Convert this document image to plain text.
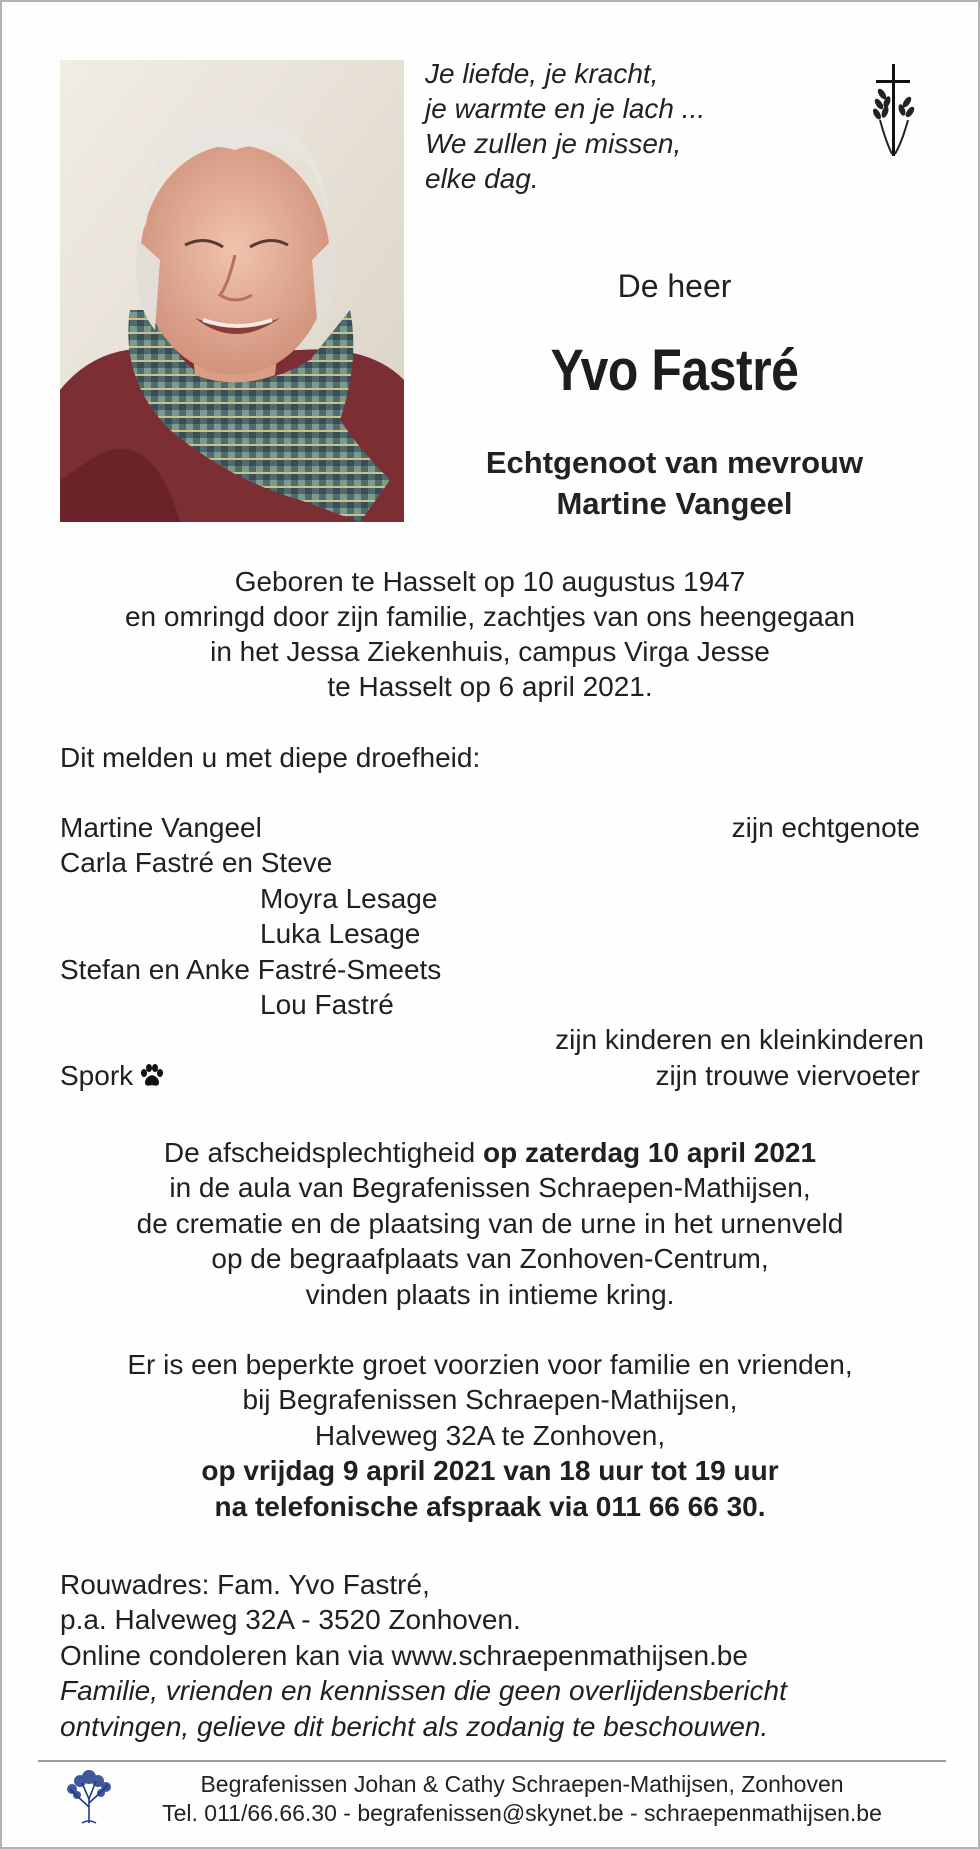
Je liefde, je kracht,
je warmte en je lach ...
We zullen je missen,
elke dag.
De heer
Yvo Fastré
Echtgenoot van mevrouw
Martine Vangeel
Geboren te Hasselt op 10 augustus 1947
en omringd door zijn familie, zachtjes van ons heengegaan
in het Jessa Ziekenhuis, campus Virga Jesse
te Hasselt op 6 april 2021.
Dit melden u met diepe droefheid:
Martine Vangeel	zijn echtgenote
Carla Fastré en Steve
Moyra Lesage
Luka Lesage
Stefan en Anke Fastré-Smeets
Lou Fastré
zijn kinderen en kleinkinderen
Spork	zijn trouwe viervoeter
De afscheidsplechtigheid op zaterdag 10 april 2021
in de aula van Begrafenissen Schraepen-Mathijsen,
de crematie en de plaatsing van de urne in het urnenveld
op de begraafplaats van Zonhoven-Centrum,
vinden plaats in intieme kring.
Er is een beperkte groet voorzien voor familie en vrienden,
bij Begrafenissen Schraepen-Mathijsen,
Halveweg 32A te Zonhoven,
op vrijdag 9 april 2021 van 18 uur tot 19 uur
na telefonische afspraak via 011 66 66 30.
Rouwadres: Fam. Yvo Fastré,
p.a. Halveweg 32A - 3520 Zonhoven.
Online condoleren kan via www.schraepenmathijsen.be
Familie, vrienden en kennissen die geen overlijdensbericht
ontvingen, gelieve dit bericht als zodanig te beschouwen.
Begrafenissen Johan & Cathy Schraepen-Mathijsen, Zonhoven
Tel. 011/66.66.30 - begrafenissen@skynet.be - schraepenmathijsen.be
